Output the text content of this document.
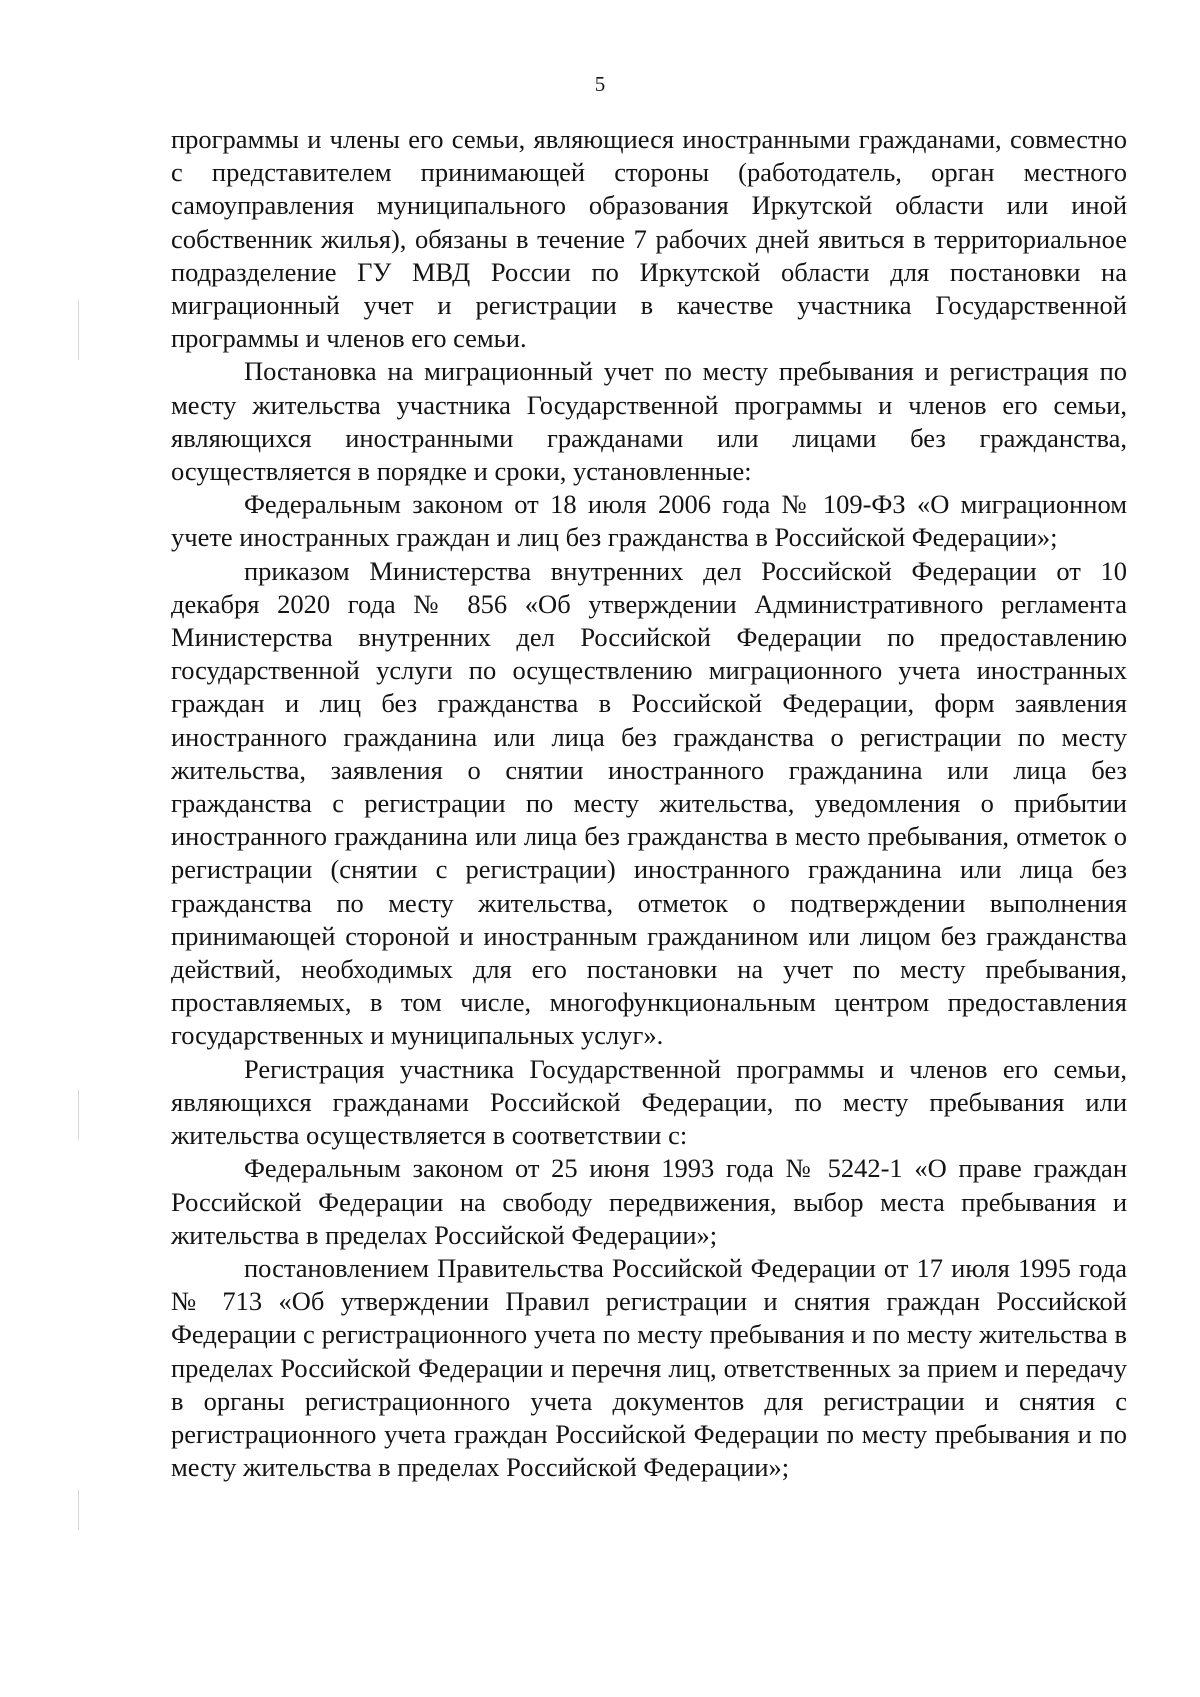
5

программы и члены его семьи, являющиеся иностранными гражданами, совместно с представителем принимающей стороны (работодатель, орган местного самоуправления муниципального образования Иркутской области или иной собственник жилья), обязаны в течение 7 рабочих дней явиться в территориальное подразделение ГУ МВД России по Иркутской области для постановки на миграционный учет и регистрации в качестве участника Государственной программы и членов его семьи.

Постановка на миграционный учет по месту пребывания и регистрация по месту жительства участника Государственной программы и членов его семьи, являющихся иностранными гражданами или лицами без гражданства, осуществляется в порядке и сроки, установленные:

Федеральным законом от 18 июля 2006 года № 109-ФЗ «О миграционном учете иностранных граждан и лиц без гражданства в Российской Федерации»;

приказом Министерства внутренних дел Российской Федерации от 10 декабря 2020 года № 856 «Об утверждении Административного регламента Министерства внутренних дел Российской Федерации по предоставлению государственной услуги по осуществлению миграционного учета иностранных граждан и лиц без гражданства в Российской Федерации, форм заявления иностранного гражданина или лица без гражданства о регистрации по месту жительства, заявления о снятии иностранного гражданина или лица без гражданства с регистрации по месту жительства, уведомления о прибытии иностранного гражданина или лица без гражданства в место пребывания, отметок о регистрации (снятии с регистрации) иностранного гражданина или лица без гражданства по месту жительства, отметок о подтверждении выполнения принимающей стороной и иностранным гражданином или лицом без гражданства действий, необходимых для его постановки на учет по месту пребывания, проставляемых, в том числе, многофункциональным центром предоставления государственных и муниципальных услуг».

Регистрация участника Государственной программы и членов его семьи, являющихся гражданами Российской Федерации, по месту пребывания или жительства осуществляется в соответствии с:

Федеральным законом от 25 июня 1993 года № 5242-1 «О праве граждан Российской Федерации на свободу передвижения, выбор места пребывания и жительства в пределах Российской Федерации»;

постановлением Правительства Российской Федерации от 17 июля 1995 года № 713 «Об утверждении Правил регистрации и снятия граждан Российской Федерации с регистрационного учета по месту пребывания и по месту жительства в пределах Российской Федерации и перечня лиц, ответственных за прием и передачу в органы регистрационного учета документов для регистрации и снятия с регистрационного учета граждан Российской Федерации по месту пребывания и по месту жительства в пределах Российской Федерации»;
